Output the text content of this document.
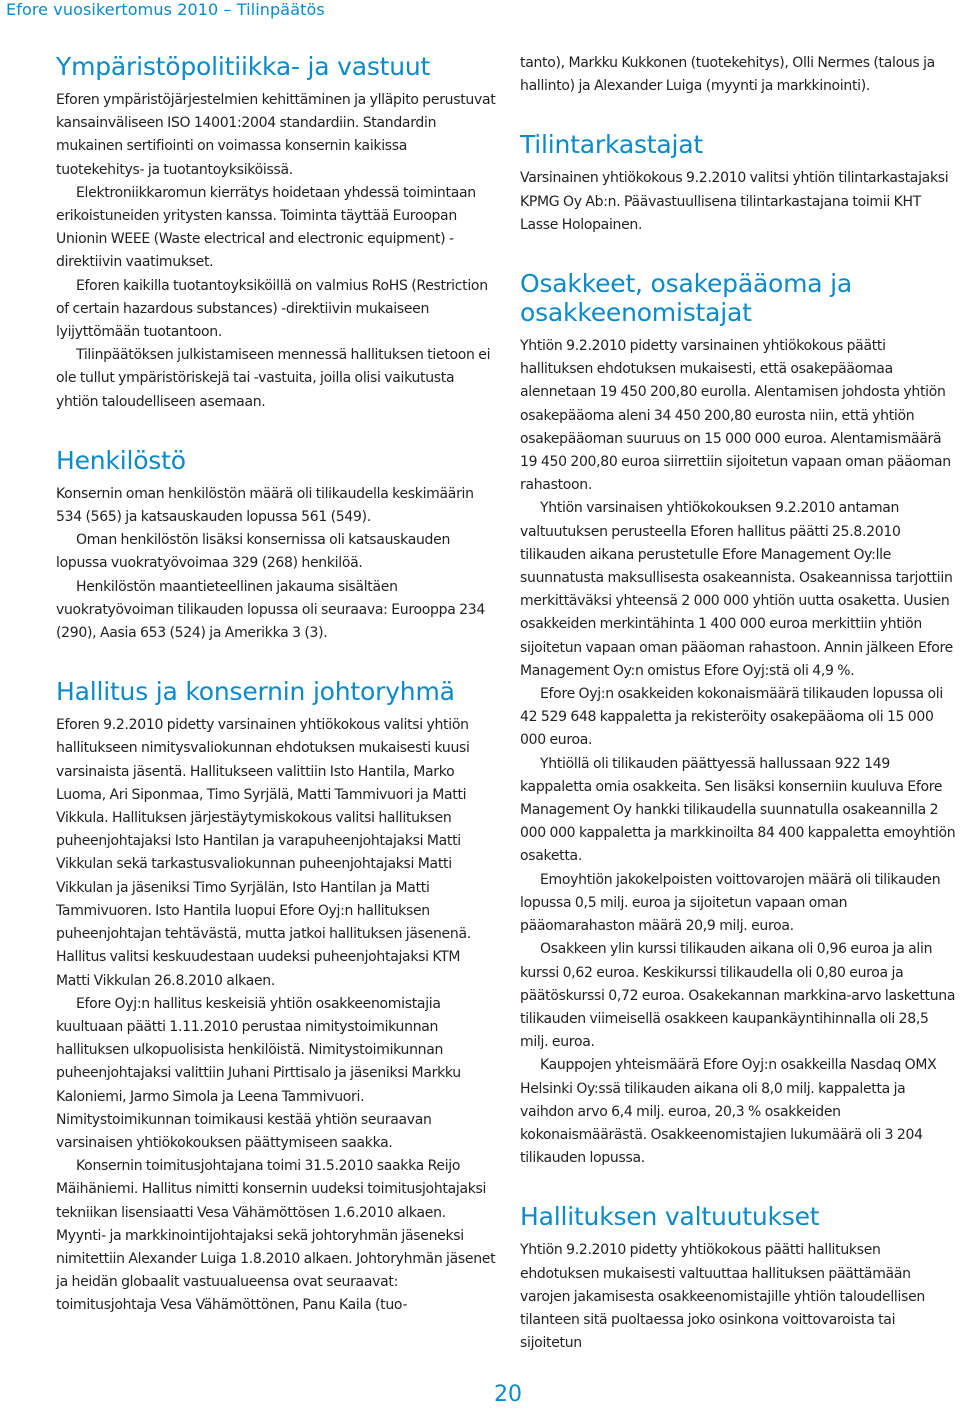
Efore vuosikertomus 2010 – Tilinpäätös
Ympäristöpolitiikka- ja vastuut

Eforen ympäristöjärjestelmien kehittäminen ja ylläpito perustuvat kansainväliseen ISO 14001:2004 standardiin. Standardin mukainen sertifiointi on voimassa konsernin kaikissa tuotekehitys- ja tuotantoyksiköissä.

Elektroniikkaromun kierrätys hoidetaan yhdessä toimintaan erikoistuneiden yritysten kanssa. Toiminta täyttää Euroopan Unionin WEEE (Waste electrical and electronic equipment) -direktiivin vaatimukset.

Eforen kaikilla tuotantoyksiköillä on valmius RoHS (Restriction of certain hazardous substances) -direktiivin mukaiseen lyijyttömään tuotantoon.

Tilinpäätöksen julkistamiseen mennessä hallituksen tietoon ei ole tullut ympäristöriskejä tai -vastuita, joilla olisi vaikutusta yhtiön taloudelliseen asemaan.

Henkilöstö

Konsernin oman henkilöstön määrä oli tilikaudella keskimäärin 534 (565) ja katsauskauden lopussa 561 (549).

Oman henkilöstön lisäksi konsernissa oli katsauskauden lopussa vuokratyövoimaa 329 (268) henkilöä.

Henkilöstön maantieteellinen jakauma sisältäen vuokratyövoiman tilikauden lopussa oli seuraava: Eurooppa 234 (290), Aasia 653 (524) ja Amerikka 3 (3).

Hallitus ja konsernin johtoryhmä

Eforen 9.2.2010 pidetty varsinainen yhtiökokous valitsi yhtiön hallitukseen nimitysvaliokunnan ehdotuksen mukaisesti kuusi varsinaista jäsentä. Hallitukseen valittiin Isto Hantila, Marko Luoma, Ari Siponmaa, Timo Syrjälä, Matti Tammivuori ja Matti Vikkula. Hallituksen järjestäytymiskokous valitsi hallituksen puheenjohtajaksi Isto Hantilan ja varapuheenjohtajaksi Matti Vikkulan sekä tarkastusvaliokunnan puheenjohtajaksi Matti Vikkulan ja jäseniksi Timo Syrjälän, Isto Hantilan ja Matti Tammivuoren. Isto Hantila luopui Efore Oyj:n hallituksen puheenjohtajan tehtävästä, mutta jatkoi hallituksen jäsenenä. Hallitus valitsi keskuudestaan uudeksi puheenjohtajaksi KTM Matti Vikkulan 26.8.2010 alkaen.

Efore Oyj:n hallitus keskeisiä yhtiön osakkeenomistajia kuultuaan päätti 1.11.2010 perustaa nimitystoimikunnan hallituksen ulkopuolisista henkilöistä. Nimitystoimikunnan puheenjohtajaksi valittiin Juhani Pirttisalo ja jäseniksi Markku Kaloniemi, Jarmo Simola ja Leena Tammivuori. Nimitystoimikunnan toimikausi kestää yhtiön seuraavan varsinaisen yhtiökokouksen päättymiseen saakka.

Konsernin toimitusjohtajana toimi 31.5.2010 saakka Reijo Mäihäniemi. Hallitus nimitti konsernin uudeksi toimitusjohtajaksi tekniikan lisensiaatti Vesa Vähämöttösen 1.6.2010 alkaen. Myynti- ja markkinointijohtajaksi sekä johtoryhmän jäseneksi nimitettiin Alexander Luiga 1.8.2010 alkaen. Johtoryhmän jäsenet ja heidän globaalit vastuualueensa ovat seuraavat: toimitusjohtaja Vesa Vähämöttönen, Panu Kaila (tuo-

tanto), Markku Kukkonen (tuotekehitys), Olli Nermes (talous ja hallinto) ja Alexander Luiga (myynti ja markkinointi).

Tilintarkastajat

Varsinainen yhtiökokous 9.2.2010 valitsi yhtiön tilintarkastajaksi KPMG Oy Ab:n. Päävastuullisena tilintarkastajana toimii KHT Lasse Holopainen.

Osakkeet, osakepääoma ja osakkeenomistajat

Yhtiön 9.2.2010 pidetty varsinainen yhtiökokous päätti hallituksen ehdotuksen mukaisesti, että osakepääomaa alennetaan 19 450 200,80 eurolla. Alentamisen johdosta yhtiön osakepääoma aleni 34 450 200,80 eurosta niin, että yhtiön osakepääoman suuruus on 15 000 000 euroa. Alentamismäärä 19 450 200,80 euroa siirrettiin sijoitetun vapaan oman pääoman rahastoon.

Yhtiön varsinaisen yhtiökokouksen 9.2.2010 antaman valtuutuksen perusteella Eforen hallitus päätti 25.8.2010 tilikauden aikana perustetulle Efore Management Oy:lle suunnatusta maksullisesta osakeannista. Osakeannissa tarjottiin merkittäväksi yhteensä 2 000 000 yhtiön uutta osaketta. Uusien osakkeiden merkintähinta 1 400 000 euroa merkittiin yhtiön sijoitetun vapaan oman pääoman rahastoon. Annin jälkeen Efore Management Oy:n omistus Efore Oyj:stä oli 4,9 %.

Efore Oyj:n osakkeiden kokonaismäärä tilikauden lopussa oli 42 529 648 kappaletta ja rekisteröity osakepääoma oli 15 000 000 euroa.

Yhtiöllä oli tilikauden päättyessä hallussaan 922 149 kappaletta omia osakkeita. Sen lisäksi konserniin kuuluva Efore Management Oy hankki tilikaudella suunnatulla osakeannilla 2 000 000 kappaletta ja markkinoilta 84 400 kappaletta emoyhtiön osaketta.

Emoyhtiön jakokelpoisten voittovarojen määrä oli tilikauden lopussa 0,5 milj. euroa ja sijoitetun vapaan oman pääomarahaston määrä 20,9 milj. euroa.

Osakkeen ylin kurssi tilikauden aikana oli 0,96 euroa ja alin kurssi 0,62 euroa. Keskikurssi tilikaudella oli 0,80 euroa ja päätöskurssi 0,72 euroa. Osakekannan markkina-arvo laskettuna tilikauden viimeisellä osakkeen kaupankäyntihinnalla oli 28,5 milj. euroa.

Kauppojen yhteismäärä Efore Oyj:n osakkeilla Nasdaq OMX Helsinki Oy:ssä tilikauden aikana oli 8,0 milj. kappaletta ja vaihdon arvo 6,4 milj. euroa, 20,3 % osakkeiden kokonaismäärästä. Osakkeenomistajien lukumäärä oli 3 204 tilikauden lopussa.

Hallituksen valtuutukset

Yhtiön 9.2.2010 pidetty yhtiökokous päätti hallituksen ehdotuksen mukaisesti valtuuttaa hallituksen päättämään varojen jakamisesta osakkeenomistajille yhtiön taloudellisen tilanteen sitä puoltaessa joko osinkona voittovaroista tai sijoitetun

20
